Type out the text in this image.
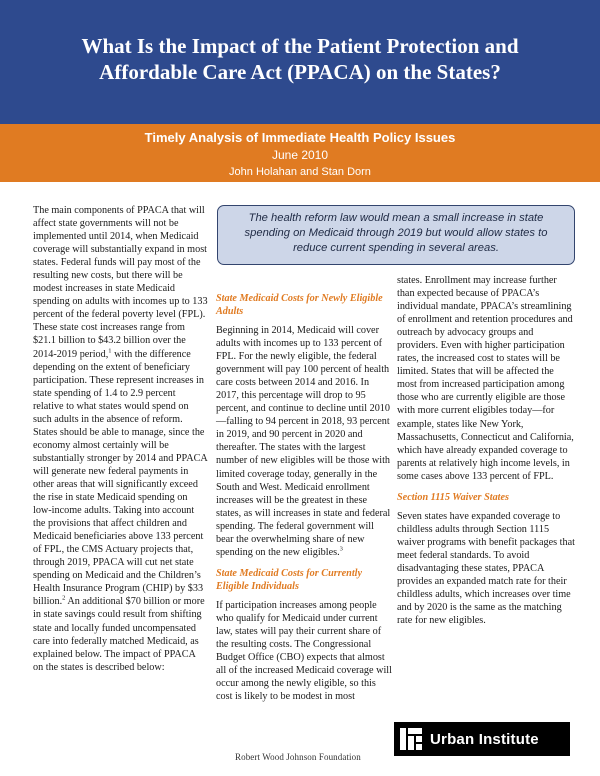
What Is the Impact of the Patient Protection and Affordable Care Act (PPACA) on the States?
Timely Analysis of Immediate Health Policy Issues
June 2010
John Holahan and Stan Dorn

The main components of PPACA that will affect state governments will not be implemented until 2014, when Medicaid coverage will substantially expand in most states. Federal funds will pay most of the resulting new costs, but there will be modest increases in state Medicaid spending on adults with incomes up to 133 percent of the federal poverty level (FPL). These state cost increases range from $21.1 billion to $43.2 billion over the 2014-2019 period,$^1$ with the difference depending on the extent of beneficiary participation. These represent increases in state spending of 1.4 to 2.9 percent relative to what states would spend on such adults in the absence of reform. States should be able to manage, since the economy almost certainly will be substantially stronger by 2014 and PPACA will generate new federal payments in other areas that will significantly exceed the rise in state Medicaid spending on low-income adults. Taking into account the provisions that affect children and Medicaid beneficiaries above 133 percent of FPL, the CMS Actuary projects that, through 2019, PPACA will cut net state spending on Medicaid and the Children’s Health Insurance Program (CHIP) by $33 billion.$^2$ An additional $70 billion or more in state savings could result from shifting state and locally funded uncompensated care into federally matched Medicaid, as explained below. The impact of PPACA on the states is described below:

The health reform law would mean a small increase in state spending on Medicaid through 2019 but would allow states to reduce current spending in several areas.
State Medicaid Costs for Newly Eligible Adults

Beginning in 2014, Medicaid will cover adults with incomes up to 133 percent of FPL. For the newly eligible, the federal government will pay 100 percent of health care costs between 2014 and 2016. In 2017, this percentage will drop to 95 percent, and continue to decline until 2010—falling to 94 percent in 2018, 93 percent in 2019, and 90 percent in 2020 and thereafter. The states with the largest number of new eligibles will be those with limited coverage today, generally in the South and West. Medicaid enrollment increases will be the greatest in these states, as will increases in state and federal spending. The federal government will bear the overwhelming share of new spending on the new eligibles.$^3$

State Medicaid Costs for Currently Eligible Individuals

If participation increases among people who qualify for Medicaid under current law, states will pay their current share of the resulting costs. The Congressional Budget Office (CBO) expects that almost all of the increased Medicaid coverage will occur among the newly eligible, so this cost is likely to be modest in most

states. Enrollment may increase further than expected because of PPACA’s individual mandate, PPACA’s streamlining of enrollment and retention procedures and outreach by advocacy groups and providers. Even with higher participation rates, the increased cost to states will be limited. States that will be affected the most from increased participation among those who are currently eligible are those with more current eligibles today—for example, states like New York, Massachusetts, Connecticut and California, which have already expanded coverage to parents at relatively high income levels, in some cases above 133 percent of FPL.

Section 1115 Waiver States

Seven states have expanded coverage to childless adults through Section 1115 waiver programs with benefit packages that meet federal standards. To avoid disadvantaging these states, PPACA provides an expanded match rate for their childless adults, which increases over time and by 2020 is the same as the matching rate for new eligibles.

Robert Wood Johnson Foundation
Urban Institute
